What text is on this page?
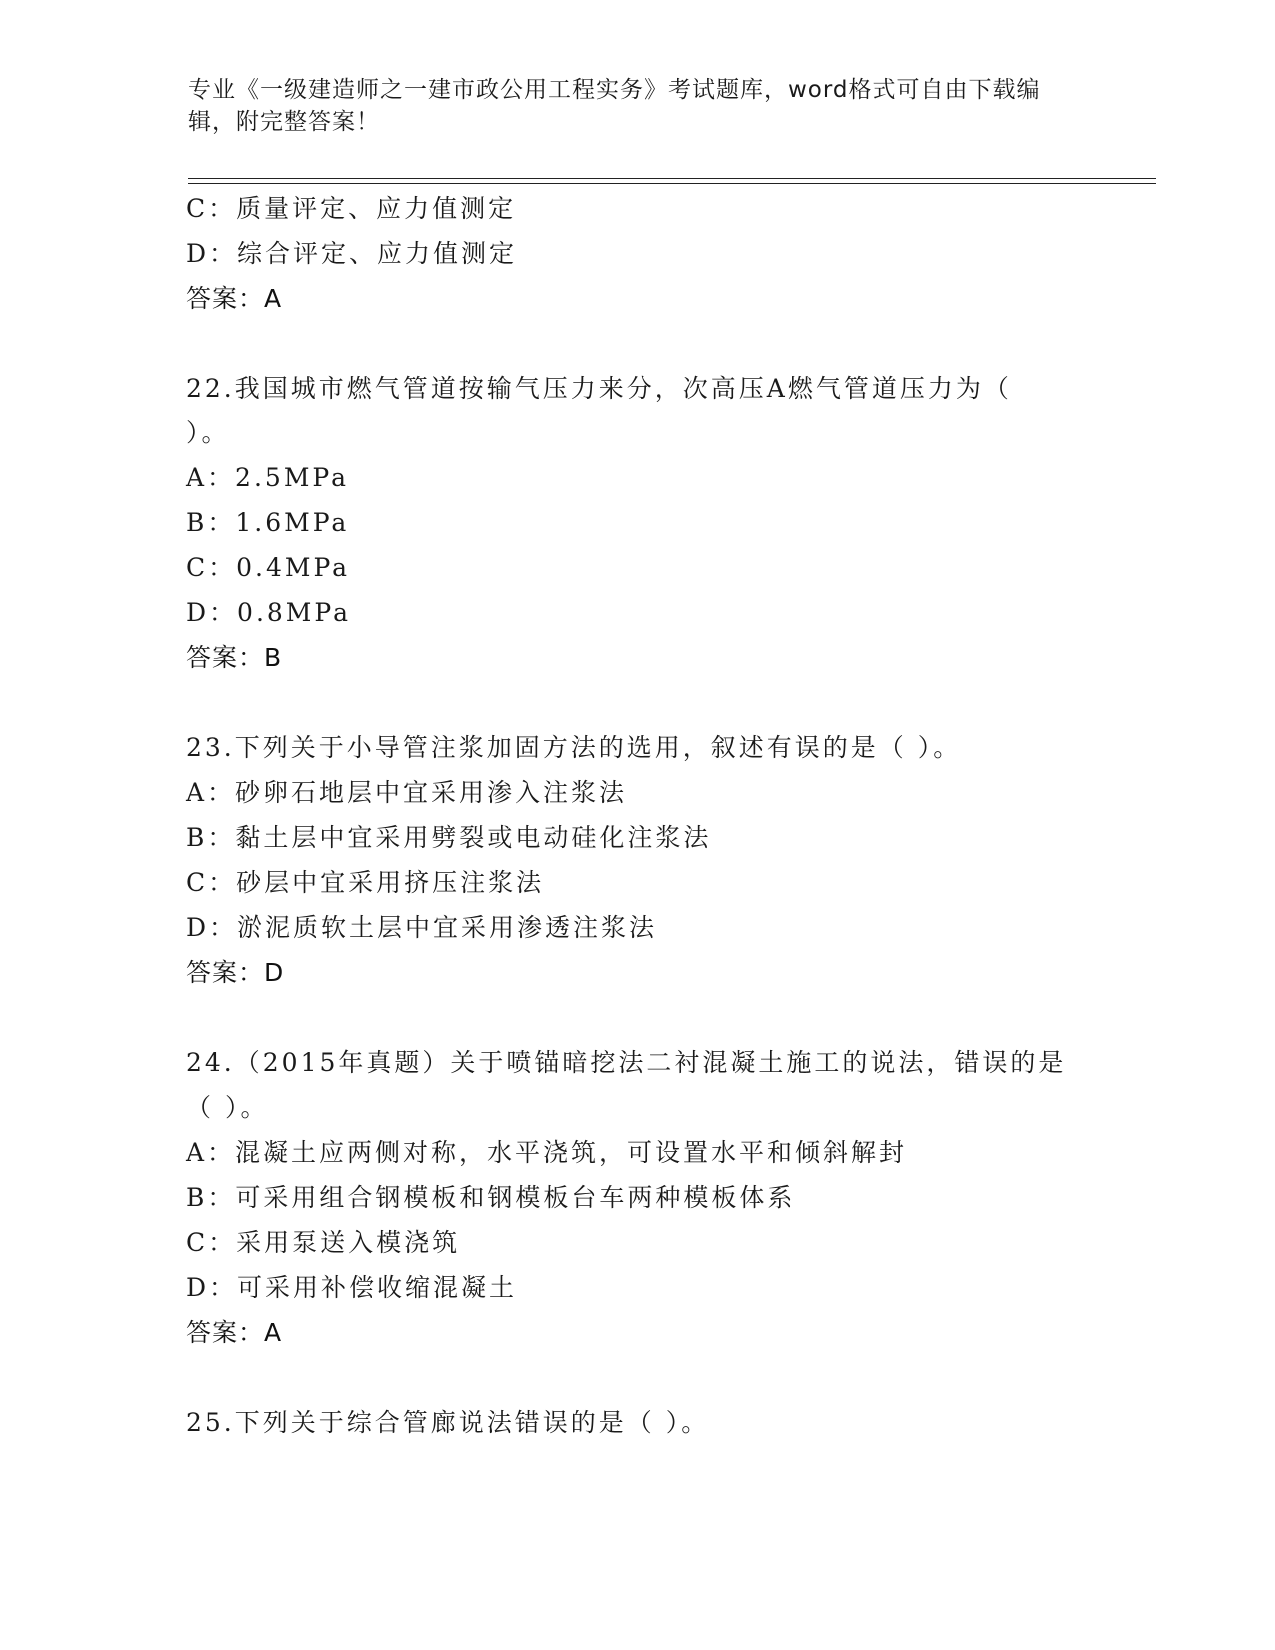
专业《一级建造师之一建市政公用工程实务》考试题库，word格式可自由下载编
辑，附完整答案！
C：质量评定、应力值测定
D：综合评定、应力值测定
答案：A
22.我国城市燃气管道按输气压力来分，次高压A燃气管道压力为（
）。
A：2.5MPa
B：1.6MPa
C：0.4MPa
D：0.8MPa
答案：B
23.下列关于小导管注浆加固方法的选用，叙述有误的是（ ）。
A：砂卵石地层中宜采用渗入注浆法
B：黏土层中宜采用劈裂或电动硅化注浆法
C：砂层中宜采用挤压注浆法
D：淤泥质软土层中宜采用渗透注浆法
答案：D
24.（2015年真题）关于喷锚暗挖法二衬混凝土施工的说法，错误的是
（ ）。
A：混凝土应两侧对称，水平浇筑，可设置水平和倾斜解封
B：可采用组合钢模板和钢模板台车两种模板体系
C：采用泵送入模浇筑
D：可采用补偿收缩混凝土
答案：A
25.下列关于综合管廊说法错误的是（ ）。
